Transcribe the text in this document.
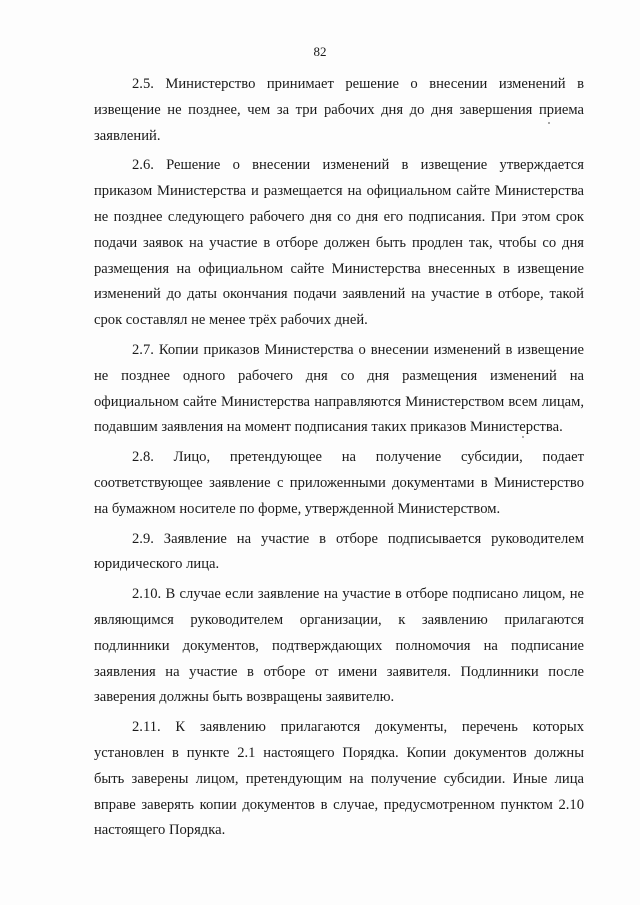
82

2.5. Министерство принимает решение о внесении изменений в извещение не позднее, чем за три рабочих дня до дня завершения приема заявлений.

2.6. Решение о внесении изменений в извещение утверждается приказом Министерства и размещается на официальном сайте Министерства не позднее следующего рабочего дня со дня его подписания. При этом срок подачи заявок на участие в отборе должен быть продлен так, чтобы со дня размещения на официальном сайте Министерства внесенных в извещение изменений до даты окончания подачи заявлений на участие в отборе, такой срок составлял не менее трёх рабочих дней.

2.7. Копии приказов Министерства о внесении изменений в извещение не позднее одного рабочего дня со дня размещения изменений на официальном сайте Министерства направляются Министерством всем лицам, подавшим заявления на момент подписания таких приказов Министерства.

2.8. Лицо, претендующее на получение субсидии, подает соответствующее заявление с приложенными документами в Министерство на бумажном носителе по форме, утвержденной Министерством.

2.9. Заявление на участие в отборе подписывается руководителем юридического лица.

2.10. В случае если заявление на участие в отборе подписано лицом, не являющимся руководителем организации, к заявлению прилагаются подлинники документов, подтверждающих полномочия на подписание заявления на участие в отборе от имени заявителя. Подлинники после заверения должны быть возвращены заявителю.

2.11. К заявлению прилагаются документы, перечень которых установлен в пункте 2.1 настоящего Порядка. Копии документов должны быть заверены лицом, претендующим на получение субсидии. Иные лица вправе заверять копии документов в случае, предусмотренном пунктом 2.10 настоящего Порядка.
